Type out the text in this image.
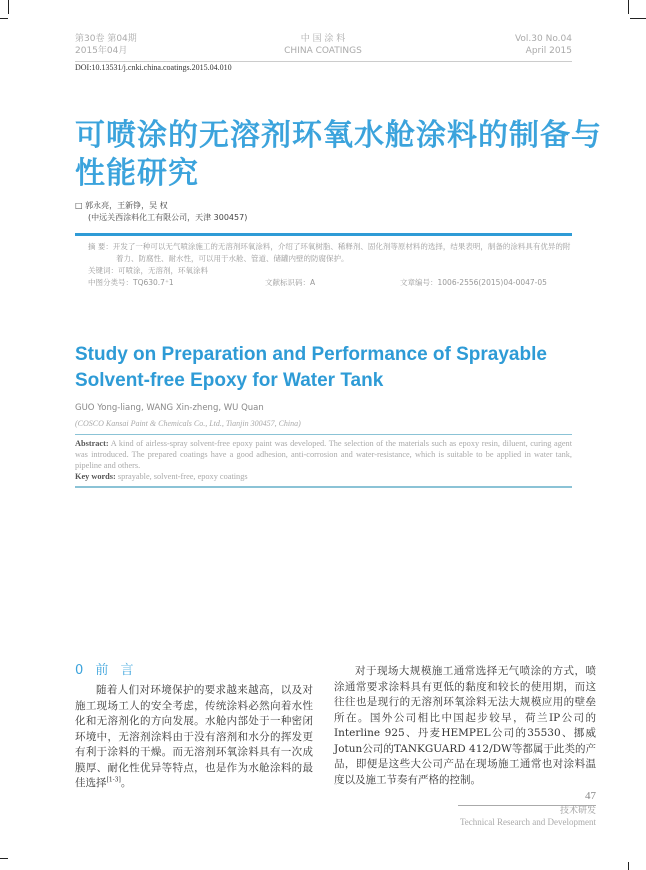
第30卷 第04期
2015年04月
中 国 涂 料
CHINA COATINGS
Vol.30 No.04
April 2015
DOI:10.13531/j.cnki.china.coatings.2015.04.010
可喷涂的无溶剂环氧水舱涂料的制备与
性能研究
□ 郭永亮，王新铮，吴 权
(中远关西涂料化工有限公司，天津 300457)
摘 要：开发了一种可以无气喷涂施工的无溶剂环氧涂料，介绍了环氧树脂、稀释剂、固化剂等原材料的选择，结果表明，制备的涂料具有优异的附着力、防腐性、耐水性，可以用于水舱、管道、储罐内壁的防腐保护。
关键词：可喷涂，无溶剂，环氧涂料
中图分类号：TQ630.7⁺1	文献标识码：A	文章编号：1006-2556(2015)04-0047-05
Study on Preparation and Performance of Sprayable
Solvent-free Epoxy for Water Tank
GUO Yong-liang, WANG Xin-zheng, WU Quan
(COSCO Kansai Paint & Chemicals Co., Ltd., Tianjin 300457, China)
Abstract: A kind of airless-spray solvent-free epoxy paint was developed. The selection of the materials such as epoxy resin, diluent, curing agent was introduced. The prepared coatings have a good adhesion, anti-corrosion and water-resistance, which is suitable to be applied in water tank, pipeline and others.
Key words: sprayable, solvent-free, epoxy coatings
0 前 言
随着人们对环境保护的要求越来越高，以及对施工现场工人的安全考虑，传统涂料必然向着水性化和无溶剂化的方向发展。水舱内部处于一种密闭环境中，无溶剂涂料由于没有溶剂和水分的挥发更有利于涂料的干燥。而无溶剂环氧涂料具有一次成膜厚、耐化性优异等特点，也是作为水舱涂料的最佳选择[1-3]。
对于现场大规模施工通常选择无气喷涂的方式，喷涂通常要求涂料具有更低的黏度和较长的使用期，而这往往也是现行的无溶剂环氧涂料无法大规模应用的壁垒所在。国外公司相比中国起步较早，荷兰IP公司的Interline 925、丹麦HEMPEL公司的35530、挪威Jotun公司的TANKGUARD 412/DW等都属于此类的产品，即便是这些大公司产品在现场施工通常也对涂料温度以及施工节奏有严格的控制。
47
技术研发
Technical Research and Development
